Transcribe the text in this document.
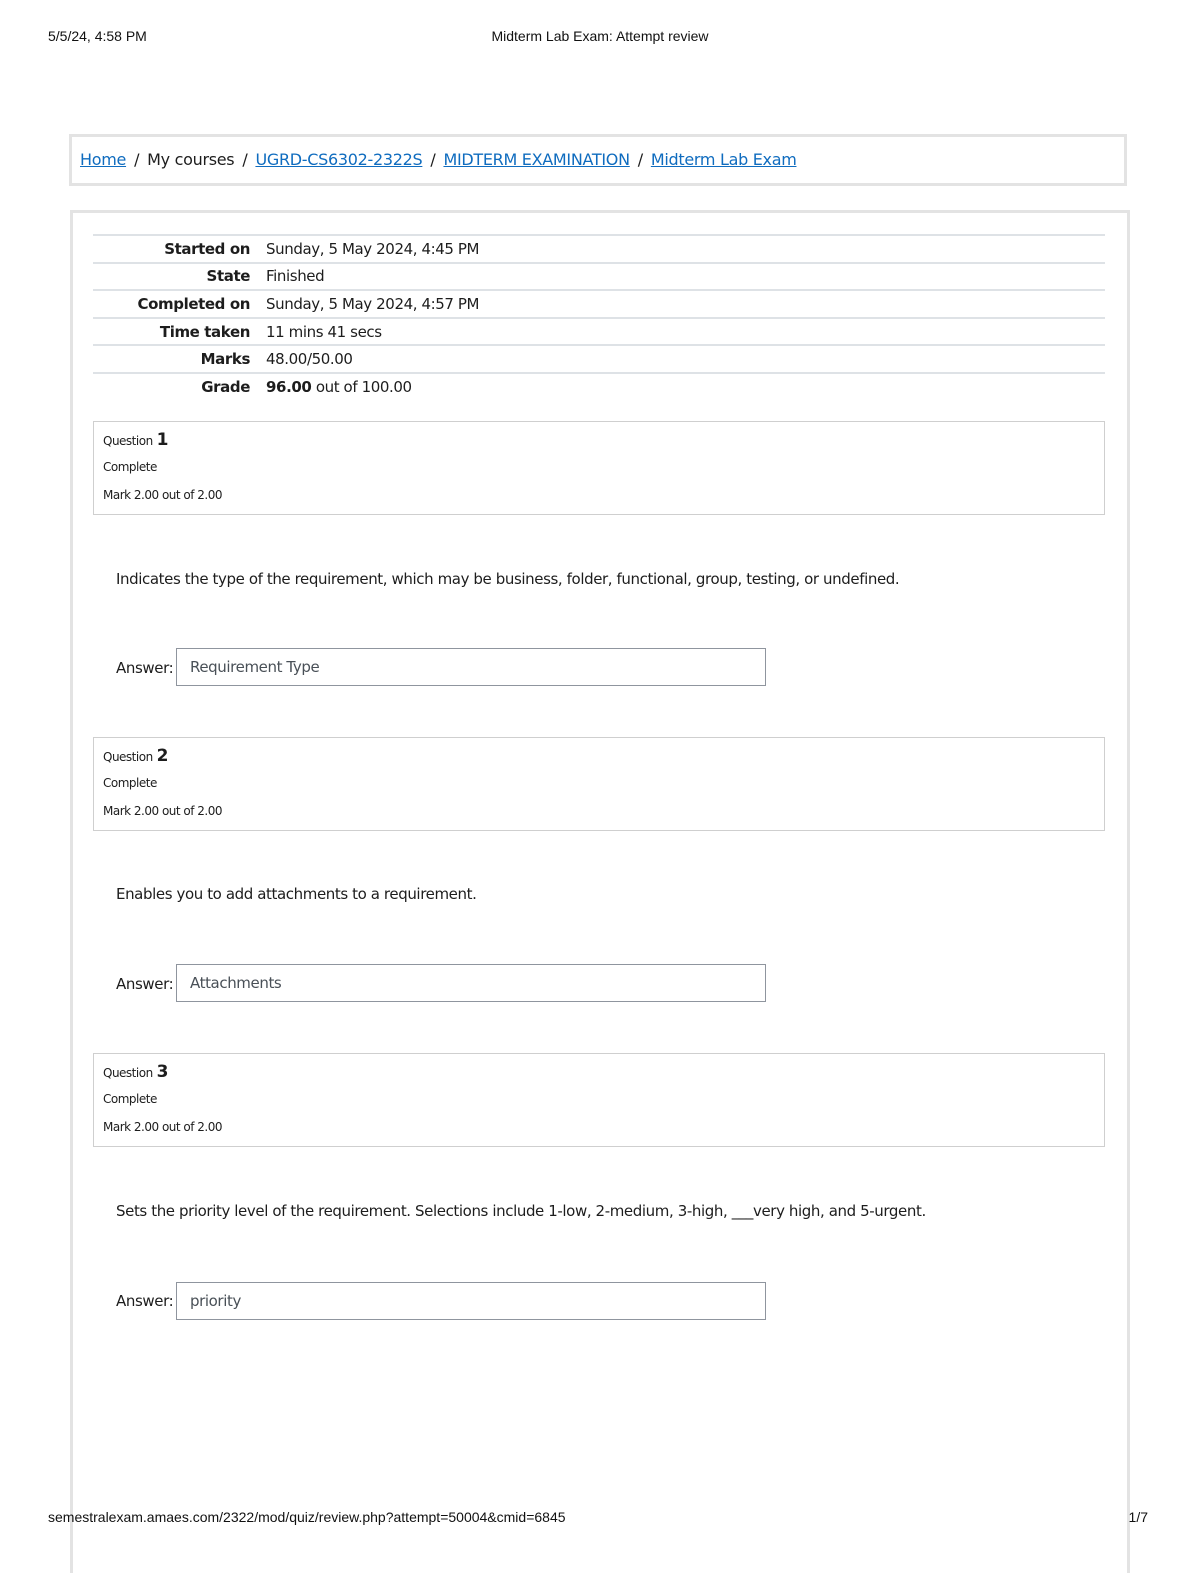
5/5/24, 4:58 PM	Midterm Lab Exam: Attempt review
Home / My courses / UGRD-CS6302-2322S / MIDTERM EXAMINATION / Midterm Lab Exam
Started on	Sunday, 5 May 2024, 4:45 PM
State	Finished
Completed on	Sunday, 5 May 2024, 4:57 PM
Time taken	11 mins 41 secs
Marks	48.00/50.00
Grade	96.00 out of 100.00
Question 1
Complete
Mark 2.00 out of 2.00
Indicates the type of the requirement, which may be business, folder, functional, group, testing, or undefined.
Answer: Requirement Type
Question 2
Complete
Mark 2.00 out of 2.00
Enables you to add attachments to a requirement.
Answer: Attachments
Question 3
Complete
Mark 2.00 out of 2.00
Sets the priority level of the requirement. Selections include 1-low, 2-medium, 3-high, ___very high, and 5-urgent.
Answer: priority
semestralexam.amaes.com/2322/mod/quiz/review.php?attempt=50004&cmid=6845	1/7
